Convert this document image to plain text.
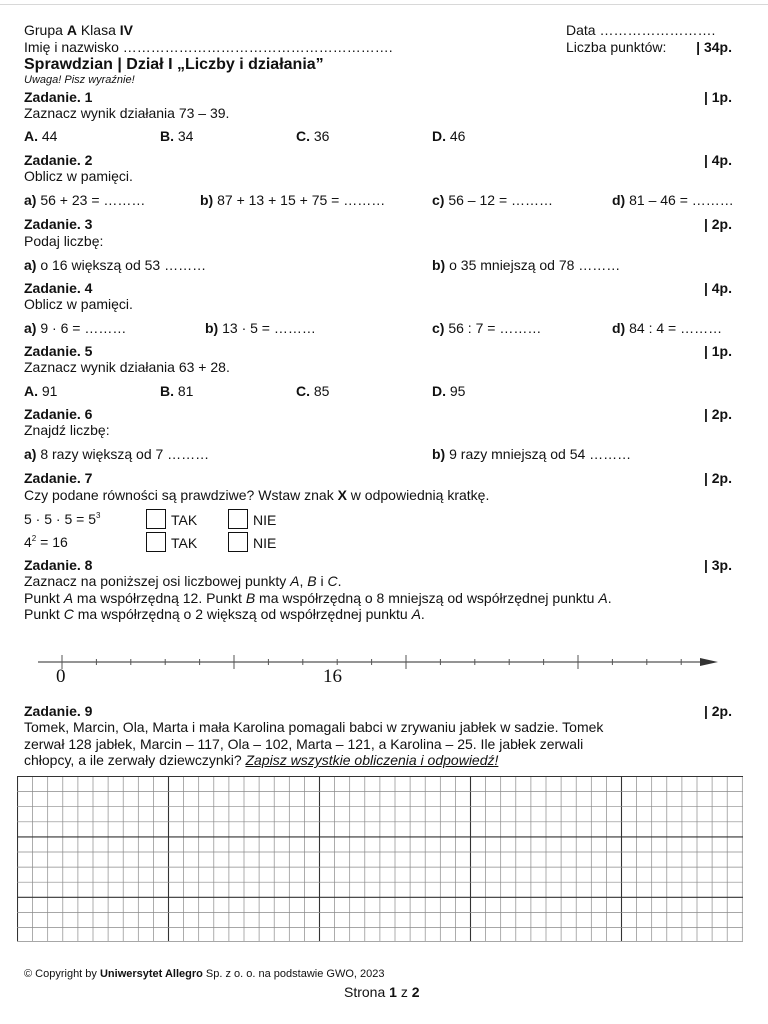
Grupa A Klasa IV	Data …………………….
Imię i nazwisko ………………………………………………….	Liczba punktów: | 34p.
Sprawdzian | Dział I „Liczby i działania”
Uwaga! Pisz wyraźnie!
Zadanie. 1	| 1p.
Zaznacz wynik działania 73 – 39.
A. 44	B. 34	C. 36	D. 46
Zadanie. 2	| 4p.
Oblicz w pamięci.
a) 56 + 23 = ………	b) 87 + 13 + 15 + 75 = ………	c) 56 – 12 = ………	d) 81 – 46 = ………
Zadanie. 3	| 2p.
Podaj liczbę:
a) o 16 większą od 53 ………	b) o 35 mniejszą od 78 ………
Zadanie. 4	| 4p.
Oblicz w pamięci.
a) 9 · 6 = ………	b) 13 · 5 = ………	c) 56 : 7 = ………	d) 84 : 4 = ………
Zadanie. 5	| 1p.
Zaznacz wynik działania 63 + 28.
A. 91	B. 81	C. 85	D. 95
Zadanie. 6	| 2p.
Znajdź liczbę:
a) 8 razy większą od 7 ………	b) 9 razy mniejszą od 54 ………
Zadanie. 7	| 2p.
Czy podane równości są prawdziwe? Wstaw znak X w odpowiednią kratkę.
$5 \cdot 5 \cdot 5 = 5^3$	TAK	NIE
$4^2 = 16$	TAK	NIE
Zadanie. 8	| 3p.
Zaznacz na poniższej osi liczbowej punkty A, B i C.
Punkt A ma współrzędną 12. Punkt B ma współrzędną o 8 mniejszą od współrzędnej punktu A.
Punkt C ma współrzędną o 2 większą od współrzędnej punktu A.
0	16
Zadanie. 9	| 2p.
Tomek, Marcin, Ola, Marta i mała Karolina pomagali babci w zrywaniu jabłek w sadzie. Tomek
zerwał 128 jabłek, Marcin – 117, Ola – 102, Marta – 121, a Karolina – 25. Ile jabłek zerwali
chłopcy, a ile zerwały dziewczynki? Zapisz wszystkie obliczenia i odpowiedź!
© Copyright by Uniwersytet Allegro Sp. z o. o. na podstawie GWO, 2023
Strona 1 z 2
